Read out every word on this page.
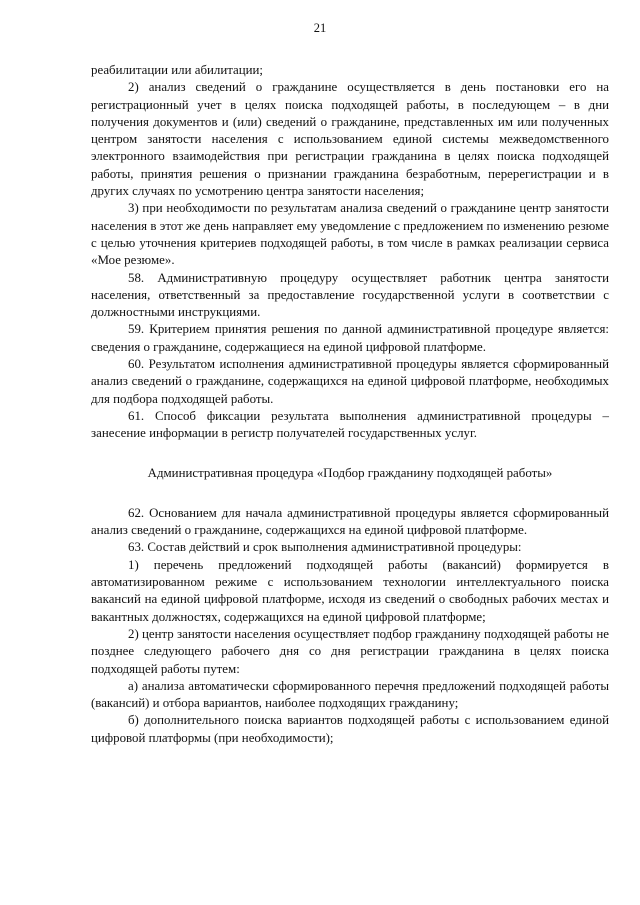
21

реабилитации или абилитации;

2) анализ сведений о гражданине осуществляется в день постановки его на регистрационный учет в целях поиска подходящей работы, в последующем – в дни получения документов и (или) сведений о гражданине, представленных им или полученных центром занятости населения с использованием единой системы межведомственного электронного взаимодействия при регистрации гражданина в целях поиска подходящей работы, принятия решения о признании гражданина безработным, перерегистрации и в других случаях по усмотрению центра занятости населения;

3) при необходимости по результатам анализа сведений о гражданине центр занятости населения в этот же день направляет ему уведомление с предложением по изменению резюме с целью уточнения критериев подходящей работы, в том числе в рамках реализации сервиса «Мое резюме».

58. Административную процедуру осуществляет работник центра занятости населения, ответственный за предоставление государственной услуги в соответствии с должностными инструкциями.

59. Критерием принятия решения по данной административной процедуре является: сведения о гражданине, содержащиеся на единой цифровой платформе.

60. Результатом исполнения административной процедуры является сформированный анализ сведений о гражданине, содержащихся на единой цифровой платформе, необходимых для подбора подходящей работы.

61. Способ фиксации результата выполнения административной процедуры – занесение информации в регистр получателей государственных услуг.

Административная процедура «Подбор гражданину подходящей работы»

62. Основанием для начала административной процедуры является сформированный анализ сведений о гражданине, содержащихся на единой цифровой платформе.

63. Состав действий и срок выполнения административной процедуры:

1) перечень предложений подходящей работы (вакансий) формируется в автоматизированном режиме с использованием технологии интеллектуального поиска вакансий на единой цифровой платформе, исходя из сведений о свободных рабочих местах и вакантных должностях, содержащихся на единой цифровой платформе;

2) центр занятости населения осуществляет подбор гражданину подходящей работы не позднее следующего рабочего дня со дня регистрации гражданина в целях поиска подходящей работы путем:

а) анализа автоматически сформированного перечня предложений подходящей работы (вакансий) и отбора вариантов, наиболее подходящих гражданину;

б) дополнительного поиска вариантов подходящей работы с использованием единой цифровой платформы (при необходимости);
